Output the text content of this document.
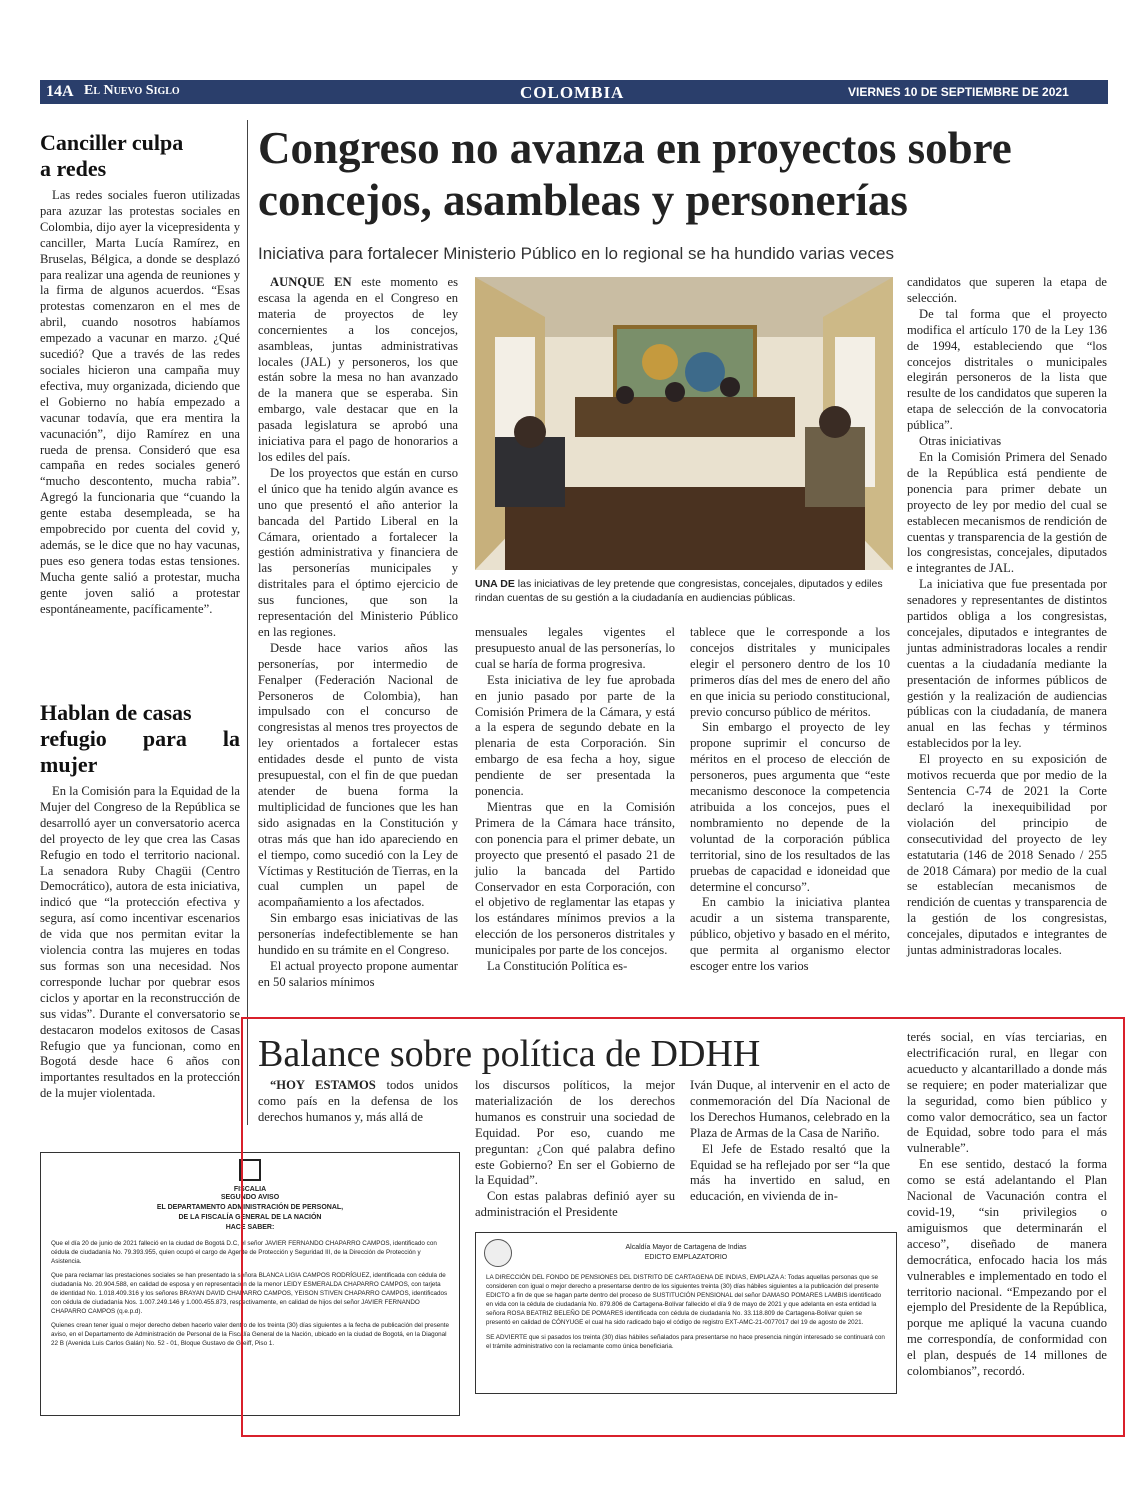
14A El Nuevo Siglo	COLOMBIA	VIERNES 10 DE SEPTIEMBRE DE 2021

Canciller culpa
a redes

Las redes sociales fueron utilizadas para azuzar las protestas sociales en Colombia, dijo ayer la vicepresidenta y canciller, Marta Lucía Ramírez, en Bruselas, Bélgica, a donde se desplazó para realizar una agenda de reuniones y la firma de algunos acuerdos. “Esas protestas comenzaron en el mes de abril, cuando nosotros habíamos empezado a vacunar en marzo. ¿Qué sucedió? Que a través de las redes sociales hicieron una campaña muy efectiva, muy organizada, diciendo que el Gobierno no había empezado a vacunar todavía, que era mentira la vacunación”, dijo Ramírez en una rueda de prensa. Consideró que esa campaña en redes sociales generó “mucho descontento, mucha rabia”. Agregó la funcionaria que “cuando la gente estaba desempleada, se ha empobrecido por cuenta del covid y, además, se le dice que no hay vacunas, pues eso genera todas estas tensiones. Mucha gente salió a protestar, mucha gente joven salió a protestar espontáneamente, pacíficamente”.

Hablan de casas
refugio para la mujer

En la Comisión para la Equidad de la Mujer del Congreso de la República se desarrolló ayer un conversatorio acerca del proyecto de ley que crea las Casas Refugio en todo el territorio nacional. La senadora Ruby Chagüi (Centro Democrático), autora de esta iniciativa, indicó que “la protección efectiva y segura, así como incentivar escenarios de vida que nos permitan evitar la violencia contra las mujeres en todas sus formas son una necesidad. Nos corresponde luchar por quebrar esos ciclos y aportar en la reconstrucción de sus vidas”. Durante el conversatorio se destacaron modelos exitosos de Casas Refugio que ya funcionan, como en Bogotá desde hace 6 años con importantes resultados en la protección de la mujer violentada.

Congreso no avanza en proyectos sobre
concejos, asambleas y personerías

Iniciativa para fortalecer Ministerio Público en lo regional se ha hundido varias veces

AUNQUE EN este momento es escasa la agenda en el Congreso en materia de proyectos de ley concernientes a los concejos, asambleas, juntas administrativas locales (JAL) y personeros, los que están sobre la mesa no han avanzado de la manera que se esperaba. Sin embargo, vale destacar que en la pasada legislatura se aprobó una iniciativa para el pago de honorarios a los ediles del país.

De los proyectos que están en curso el único que ha tenido algún avance es uno que presentó el año anterior la bancada del Partido Liberal en la Cámara, orientado a fortalecer la gestión administrativa y financiera de las personerías municipales y distritales para el óptimo ejercicio de sus funciones, que son la representación del Ministerio Público en las regiones.

Desde hace varios años las personerías, por intermedio de Fenalper (Federación Nacional de Personeros de Colombia), han impulsado con el concurso de congresistas al menos tres proyectos de ley orientados a fortalecer estas entidades desde el punto de vista presupuestal, con el fin de que puedan atender de buena forma la multiplicidad de funciones que les han sido asignadas en la Constitución y otras más que han ido apareciendo en el tiempo, como sucedió con la Ley de Víctimas y Restitución de Tierras, en la cual cumplen un papel de acompañamiento a los afectados.

Sin embargo esas iniciativas de las personerías indefectiblemente se han hundido en su trámite en el Congreso.

El actual proyecto propone aumentar en 50 salarios mínimos

UNA DE las iniciativas de ley pretende que congresistas, concejales, diputados y ediles rindan cuentas de su gestión a la ciudadanía en audiencias públicas.

mensuales legales vigentes el presupuesto anual de las personerías, lo cual se haría de forma progresiva.

Esta iniciativa de ley fue aprobada en junio pasado por parte de la Comisión Primera de la Cámara, y está a la espera de segundo debate en la plenaria de esta Corporación. Sin embargo de esa fecha a hoy, sigue pendiente de ser presentada la ponencia.

Mientras que en la Comisión Primera de la Cámara hace tránsito, con ponencia para el primer debate, un proyecto que presentó el pasado 21 de julio la bancada del Partido Conservador en esta Corporación, con el objetivo de reglamentar las etapas y los estándares mínimos previos a la elección de los personeros distritales y municipales por parte de los concejos.

La Constitución Política es-

tablece que le corresponde a los concejos distritales y municipales elegir el personero dentro de los 10 primeros días del mes de enero del año en que inicia su periodo constitucional, previo concurso público de méritos.

Sin embargo el proyecto de ley propone suprimir el concurso de méritos en el proceso de elección de personeros, pues argumenta que “este mecanismo desconoce la competencia atribuida a los concejos, pues el nombramiento no depende de la voluntad de la corporación pública territorial, sino de los resultados de las pruebas de capacidad e idoneidad que determine el concurso”.

En cambio la iniciativa plantea acudir a un sistema transparente, público, objetivo y basado en el mérito, que permita al organismo elector escoger entre los varios

candidatos que superen la etapa de selección.

De tal forma que el proyecto modifica el artículo 170 de la Ley 136 de 1994, estableciendo que “los concejos distritales o municipales elegirán personeros de la lista que resulte de los candidatos que superen la etapa de selección de la convocatoria pública”.

Otras iniciativas

En la Comisión Primera del Senado de la República está pendiente de ponencia para primer debate un proyecto de ley por medio del cual se establecen mecanismos de rendición de cuentas y transparencia de la gestión de los congresistas, concejales, diputados e integrantes de JAL.

La iniciativa que fue presentada por senadores y representantes de distintos partidos obliga a los congresistas, concejales, diputados e integrantes de juntas administradoras locales a rendir cuentas a la ciudadanía mediante la presentación de informes públicos de gestión y la realización de audiencias públicas con la ciudadanía, de manera anual en las fechas y términos establecidos por la ley.

El proyecto en su exposición de motivos recuerda que por medio de la Sentencia C-74 de 2021 la Corte declaró la inexequibilidad por violación del principio de consecutividad del proyecto de ley estatutaria (146 de 2018 Senado / 255 de 2018 Cámara) por medio de la cual se establecían mecanismos de rendición de cuentas y transparencia de la gestión de los congresistas, concejales, diputados e integrantes de juntas administradoras locales.

Balance sobre política de DDHH

“HOY ESTAMOS todos unidos como país en la defensa de los derechos humanos y, más allá de

los discursos políticos, la mejor materialización de los derechos humanos es construir una sociedad de Equidad. Por eso, cuando me preguntan: ¿Con qué palabra defino este Gobierno? En ser el Gobierno de la Equidad”.

Con estas palabras definió ayer su administración el Presidente

Iván Duque, al intervenir en el acto de conmemoración del Día Nacional de los Derechos Humanos, celebrado en la Plaza de Armas de la Casa de Nariño.

El Jefe de Estado resaltó que la Equidad se ha reflejado por ser “la que más ha invertido en salud, en educación, en vivienda de in-

terés social, en vías terciarias, en electrificación rural, en llegar con acueducto y alcantarillado a donde más se requiere; en poder materializar que la seguridad, como bien público y como valor democrático, sea un factor de Equidad, sobre todo para el más vulnerable”.

En ese sentido, destacó la forma como se está adelantando el Plan Nacional de Vacunación contra el covid-19, “sin privilegios o amiguismos que determinarán el acceso”, diseñado de manera democrática, enfocado hacia los más vulnerables e implementado en todo el territorio nacional. “Empezando por el ejemplo del Presidente de la República, porque me apliqué la vacuna cuando me correspondía, de conformidad con el plan, después de 14 millones de colombianos”, recordó.

FISCALIA
SEGUNDO AVISO
EL DEPARTAMENTO ADMINISTRACIÓN DE PERSONAL,
DE LA FISCALÍA GENERAL DE LA NACIÓN
HACE SABER:

Que el día 20 de junio de 2021 falleció en la ciudad de Bogotá D.C, el señor JAVIER FERNANDO CHAPARRO CAMPOS, identificado con cédula de ciudadanía No. 79.393.955, quien ocupó el cargo de Agente de Protección y Seguridad III, de la Dirección de Protección y Asistencia.

Que para reclamar las prestaciones sociales se han presentado la señora BLANCA LIGIA CAMPOS RODRÍGUEZ, identificada con cédula de ciudadanía No. 20.904.588, en calidad de esposa y en representación de la menor LEIDY ESMERALDA CHAPARRO CAMPOS, con tarjeta de identidad No. 1.018.409.316 y los señores BRAYAN DAVID CHAPARRO CAMPOS, YEISON STIVEN CHAPARRO CAMPOS, identificados con cédula de ciudadanía Nos. 1.007.249.146 y 1.000.455.873, respectivamente, en calidad de hijos del señor JAVIER FERNANDO CHAPARRO CAMPOS (q.e.p.d).

Quienes crean tener igual o mejor derecho deben hacerlo valer dentro de los treinta (30) días siguientes a la fecha de publicación del presente aviso, en el Departamento de Administración de Personal de la Fiscalía General de la Nación, ubicado en la ciudad de Bogotá, en la Diagonal 22 B (Avenida Luis Carlos Galán) No. 52 - 01, Bloque Gustavo de Greiff, Piso 1.

Alcaldía Mayor de Cartagena de Indias
EDICTO EMPLAZATORIO

LA DIRECCIÓN DEL FONDO DE PENSIONES DEL DISTRITO DE CARTAGENA DE INDIAS, EMPLAZA A: Todas aquellas personas que se consideren con igual o mejor derecho a presentarse dentro de los siguientes treinta (30) días hábiles siguientes a la publicación del presente EDICTO a fin de que se hagan parte dentro del proceso de SUSTITUCIÓN PENSIONAL del señor DAMASO POMARES LAMBIS identificado en vida con la cédula de ciudadanía No. 879.806 de Cartagena-Bolívar fallecido el día 9 de mayo de 2021 y que adelanta en esta entidad la señora ROSA BEATRIZ BELEÑO DE POMARES identificada con cédula de ciudadanía No. 33.118.809 de Cartagena-Bolívar quien se presentó en calidad de CÓNYUGE el cual ha sido radicado bajo el código de registro EXT-AMC-21-0077017 del 19 de agosto de 2021.

SE ADVIERTE que si pasados los treinta (30) días hábiles señalados para presentarse no hace presencia ningún interesado se continuará con el trámite administrativo con la reclamante como única beneficiaria.
